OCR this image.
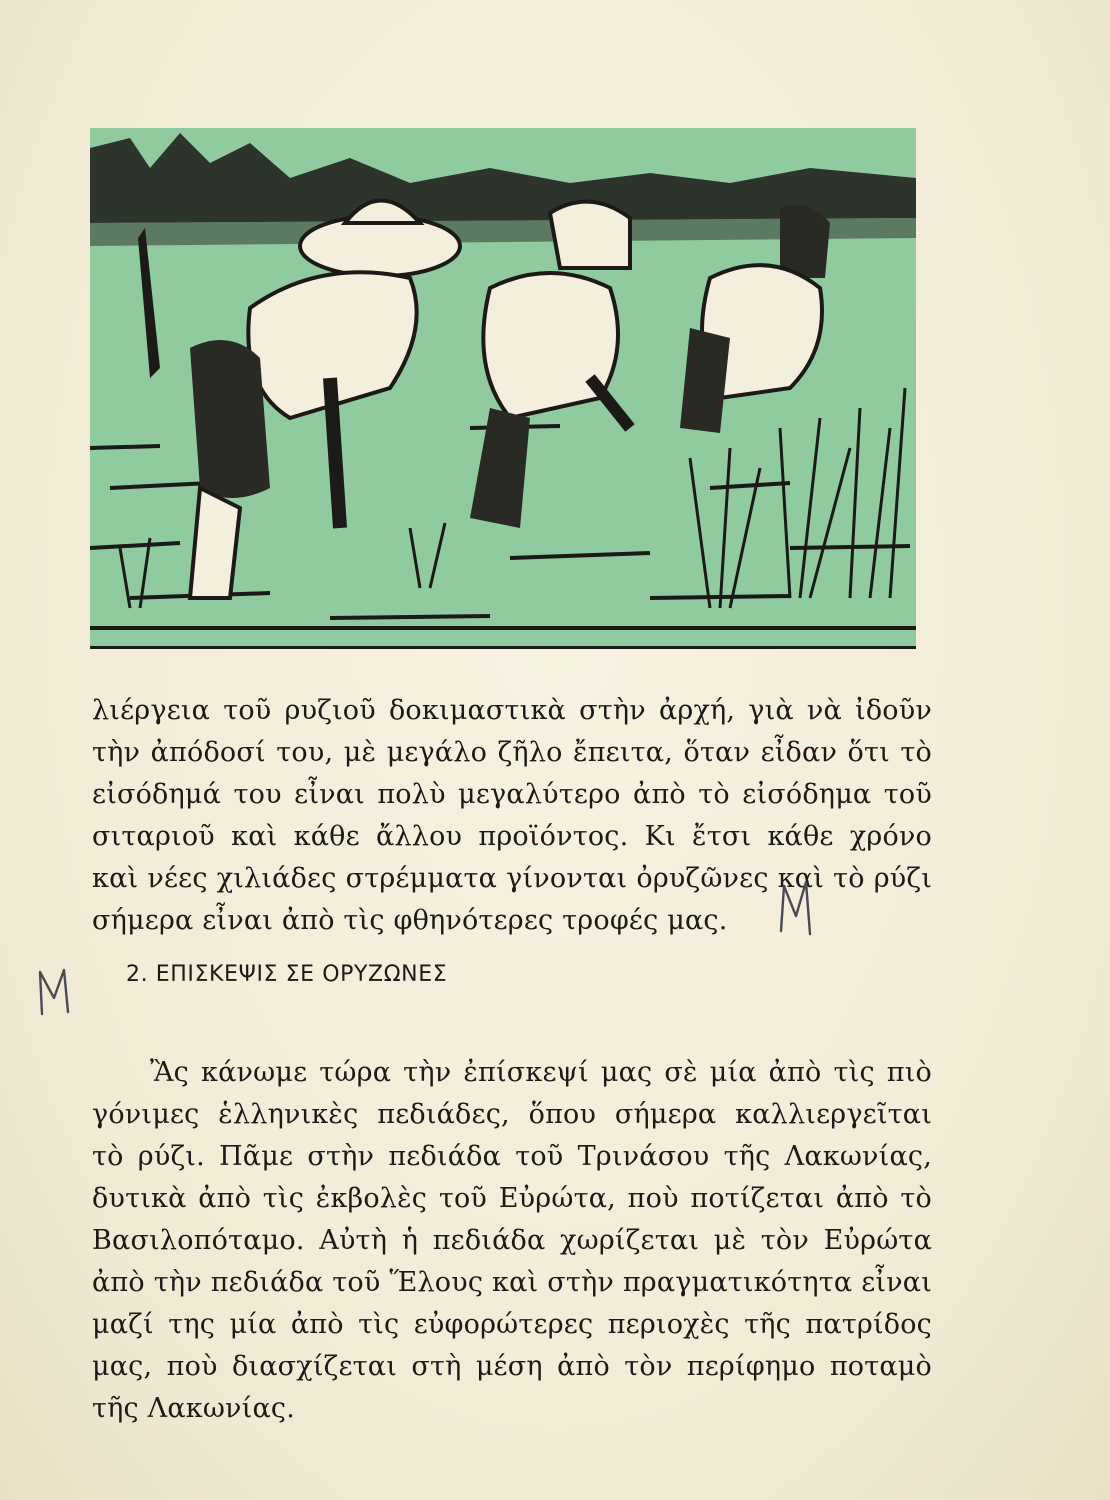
λιέργεια τοῦ ρυζιοῦ δοκιμαστικὰ στὴν ἀρχή, γιὰ νὰ ἰδοῦν
τὴν ἀπόδοσί του, μὲ μεγάλο ζῆλο ἔπειτα, ὅταν εἶδαν ὅτι τὸ
εἰσόδημά του εἶναι πολὺ μεγαλύτερο ἀπὸ τὸ εἰσόδημα τοῦ
σιταριοῦ καὶ κάθε ἄλλου προϊόντος. Κι ἔτσι κάθε χρόνο
καὶ νέες χιλιάδες στρέμματα γίνονται ὀρυζῶνες καὶ τὸ ρύζι
σήμερα εἶναι ἀπὸ τὶς φθηνότερες τροφές μας.
2. ΕΠΙΣΚΕΨΙΣ ΣΕ ΟΡΥΖΩΝΕΣ
Ἂς κάνωμε τώρα τὴν ἐπίσκεψί μας σὲ μία ἀπὸ τὶς πιὸ
γόνιμες ἑλληνικὲς πεδιάδες, ὅπου σήμερα καλλιεργεῖται
τὸ ρύζι. Πᾶμε στὴν πεδιάδα τοῦ Τρινάσου τῆς Λακωνίας,
δυτικὰ ἀπὸ τὶς ἐκβολὲς τοῦ Εὐρώτα, ποὺ ποτίζεται ἀπὸ τὸ
Βασιλοπόταμο. Αὐτὴ ἡ πεδιάδα χωρίζεται μὲ τὸν Εὐρώτα
ἀπὸ τὴν πεδιάδα τοῦ Ἕλους καὶ στὴν πραγματικότητα εἶναι
μαζί της μία ἀπὸ τὶς εὐφορώτερες περιοχὲς τῆς πατρίδος
μας, ποὺ διασχίζεται στὴ μέση ἀπὸ τὸν περίφημο ποταμὸ
τῆς Λακωνίας.
